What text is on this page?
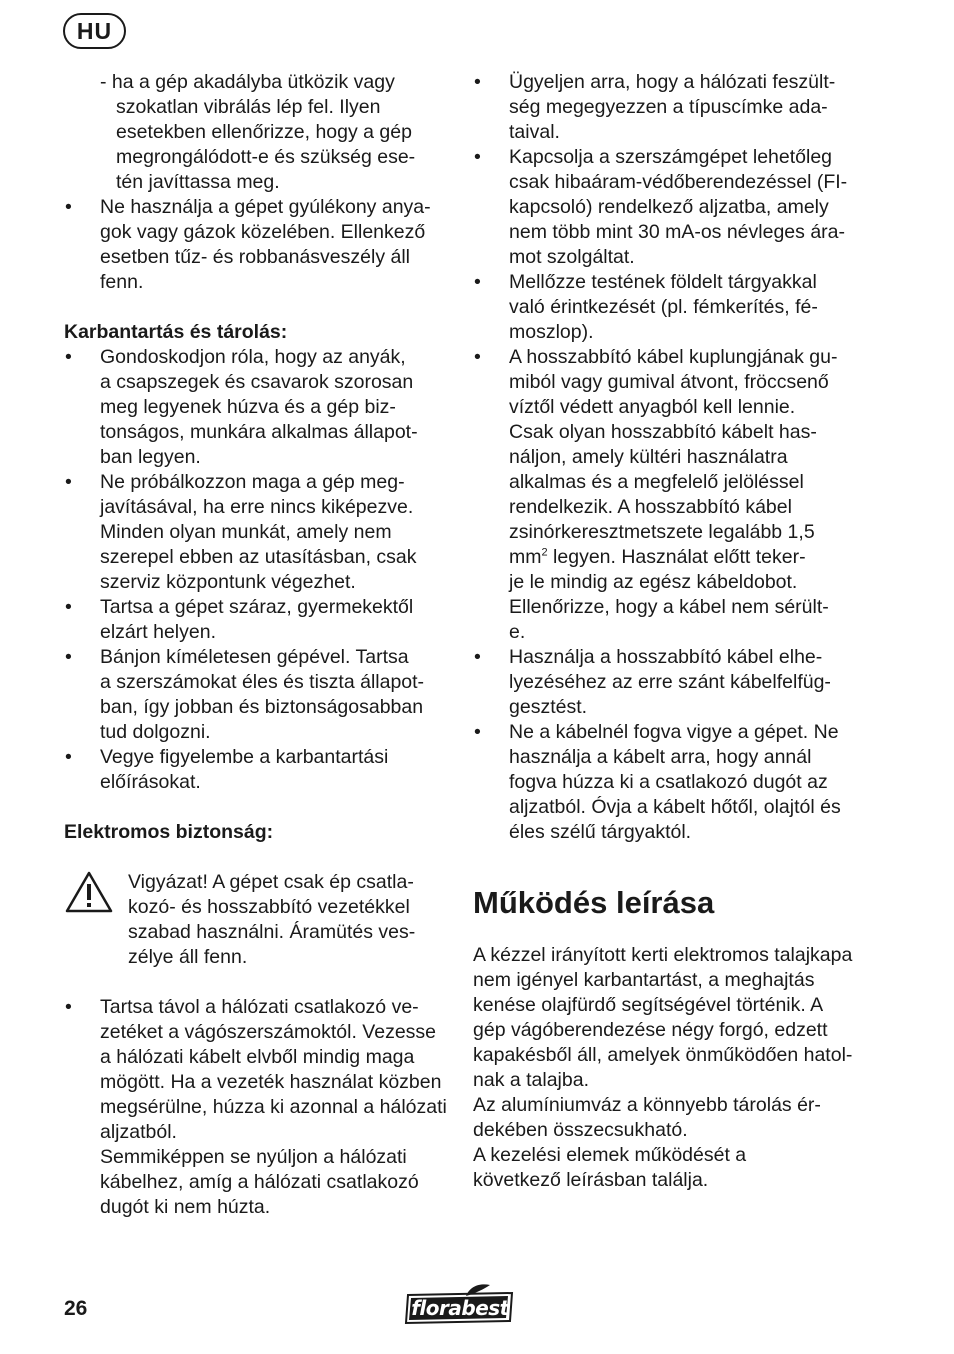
HU
- ha a gép akadályba ütközik vagy
szokatlan vibrálás lép fel. Ilyen
esetekben ellenőrizze, hogy a gép
megrongálódott-e és szükség ese-
tén javíttassa meg.
• Ne használja a gépet gyúlékony anya-
gok vagy gázok közelében. Ellenkező
esetben tűz- és robbanásveszély áll
fenn.
Karbantartás és tárolás:
• Gondoskodjon róla, hogy az anyák,
a csapszegek és csavarok szorosan
meg legyenek húzva és a gép biz-
tonságos, munkára alkalmas állapot-
ban legyen.
• Ne próbálkozzon maga a gép meg-
javításával, ha erre nincs kiképezve.
Minden olyan munkát, amely nem
szerepel ebben az utasításban, csak
szerviz központunk végezhet.
• Tartsa a gépet száraz, gyermekektől
elzárt helyen.
• Bánjon kíméletesen gépével. Tartsa
a szerszámokat éles és tiszta állapot-
ban, így jobban és biztonságosabban
tud dolgozni.
• Vegye figyelembe a karbantartási
előírásokat.
Elektromos biztonság:
Vigyázat! A gépet csak ép csatla-
kozó- és hosszabbító vezetékkel
szabad használni. Áramütés ves-
zélye áll fenn.
• Tartsa távol a hálózati csatlakozó ve-
zetéket a vágószerszámoktól. Vezesse
a hálózati kábelt elvből mindig maga
mögött. Ha a vezeték használat közben
megsérülne, húzza ki azonnal a hálózati
aljzatból.
Semmiképpen se nyúljon a hálózati
kábelhez, amíg a hálózati csatlakozó
dugót ki nem húzta.
• Ügyeljen arra, hogy a hálózati feszült-
ség megegyezzen a típuscímke ada-
taival.
• Kapcsolja a szerszámgépet lehetőleg
csak hibaáram-védőberendezéssel (FI-
kapcsoló) rendelkező aljzatba, amely
nem több mint 30 mA-os névleges ára-
mot szolgáltat.
• Mellőzze testének földelt tárgyakkal
való érintkezését (pl. fémkerítés, fé-
moszlop).
• A hosszabbító kábel kuplungjának gu-
miból vagy gumival átvont, fröccsenő
víztől védett anyagból kell lennie.
Csak olyan hosszabbító kábelt has-
náljon, amely kültéri használatra
alkalmas és a megfelelő jelöléssel
rendelkezik. A hosszabbító kábel
zsinórkeresztmetszete legalább 1,5
$mm^2$ legyen. Használat előtt teker-
je le mindig az egész kábeldobot.
Ellenőrizze, hogy a kábel nem sérült-
e.
• Használja a hosszabbító kábel elhe-
lyezéséhez az erre szánt kábelfelfüg-
gesztést.
• Ne a kábelnél fogva vigye a gépet. Ne
használja a kábelt arra, hogy annál
fogva húzza ki a csatlakozó dugót az
aljzatból. Óvja a kábelt hőtől, olajtól és
éles szélű tárgyaktól.
Működés leírása
A kézzel irányított kerti elektromos talajkapa
nem igényel karbantartást, a meghajtás
kenése olajfürdő segítségével történik. A
gép vágóberendezése négy forgó, edzett
kapakésből áll, amelyek önműködően hatol-
nak a talajba.
Az alumíniumváz a könnyebb tárolás ér-
dekében összecsukható.
A kezelési elemek működését a
következő leírásban találja.
26	florabest
